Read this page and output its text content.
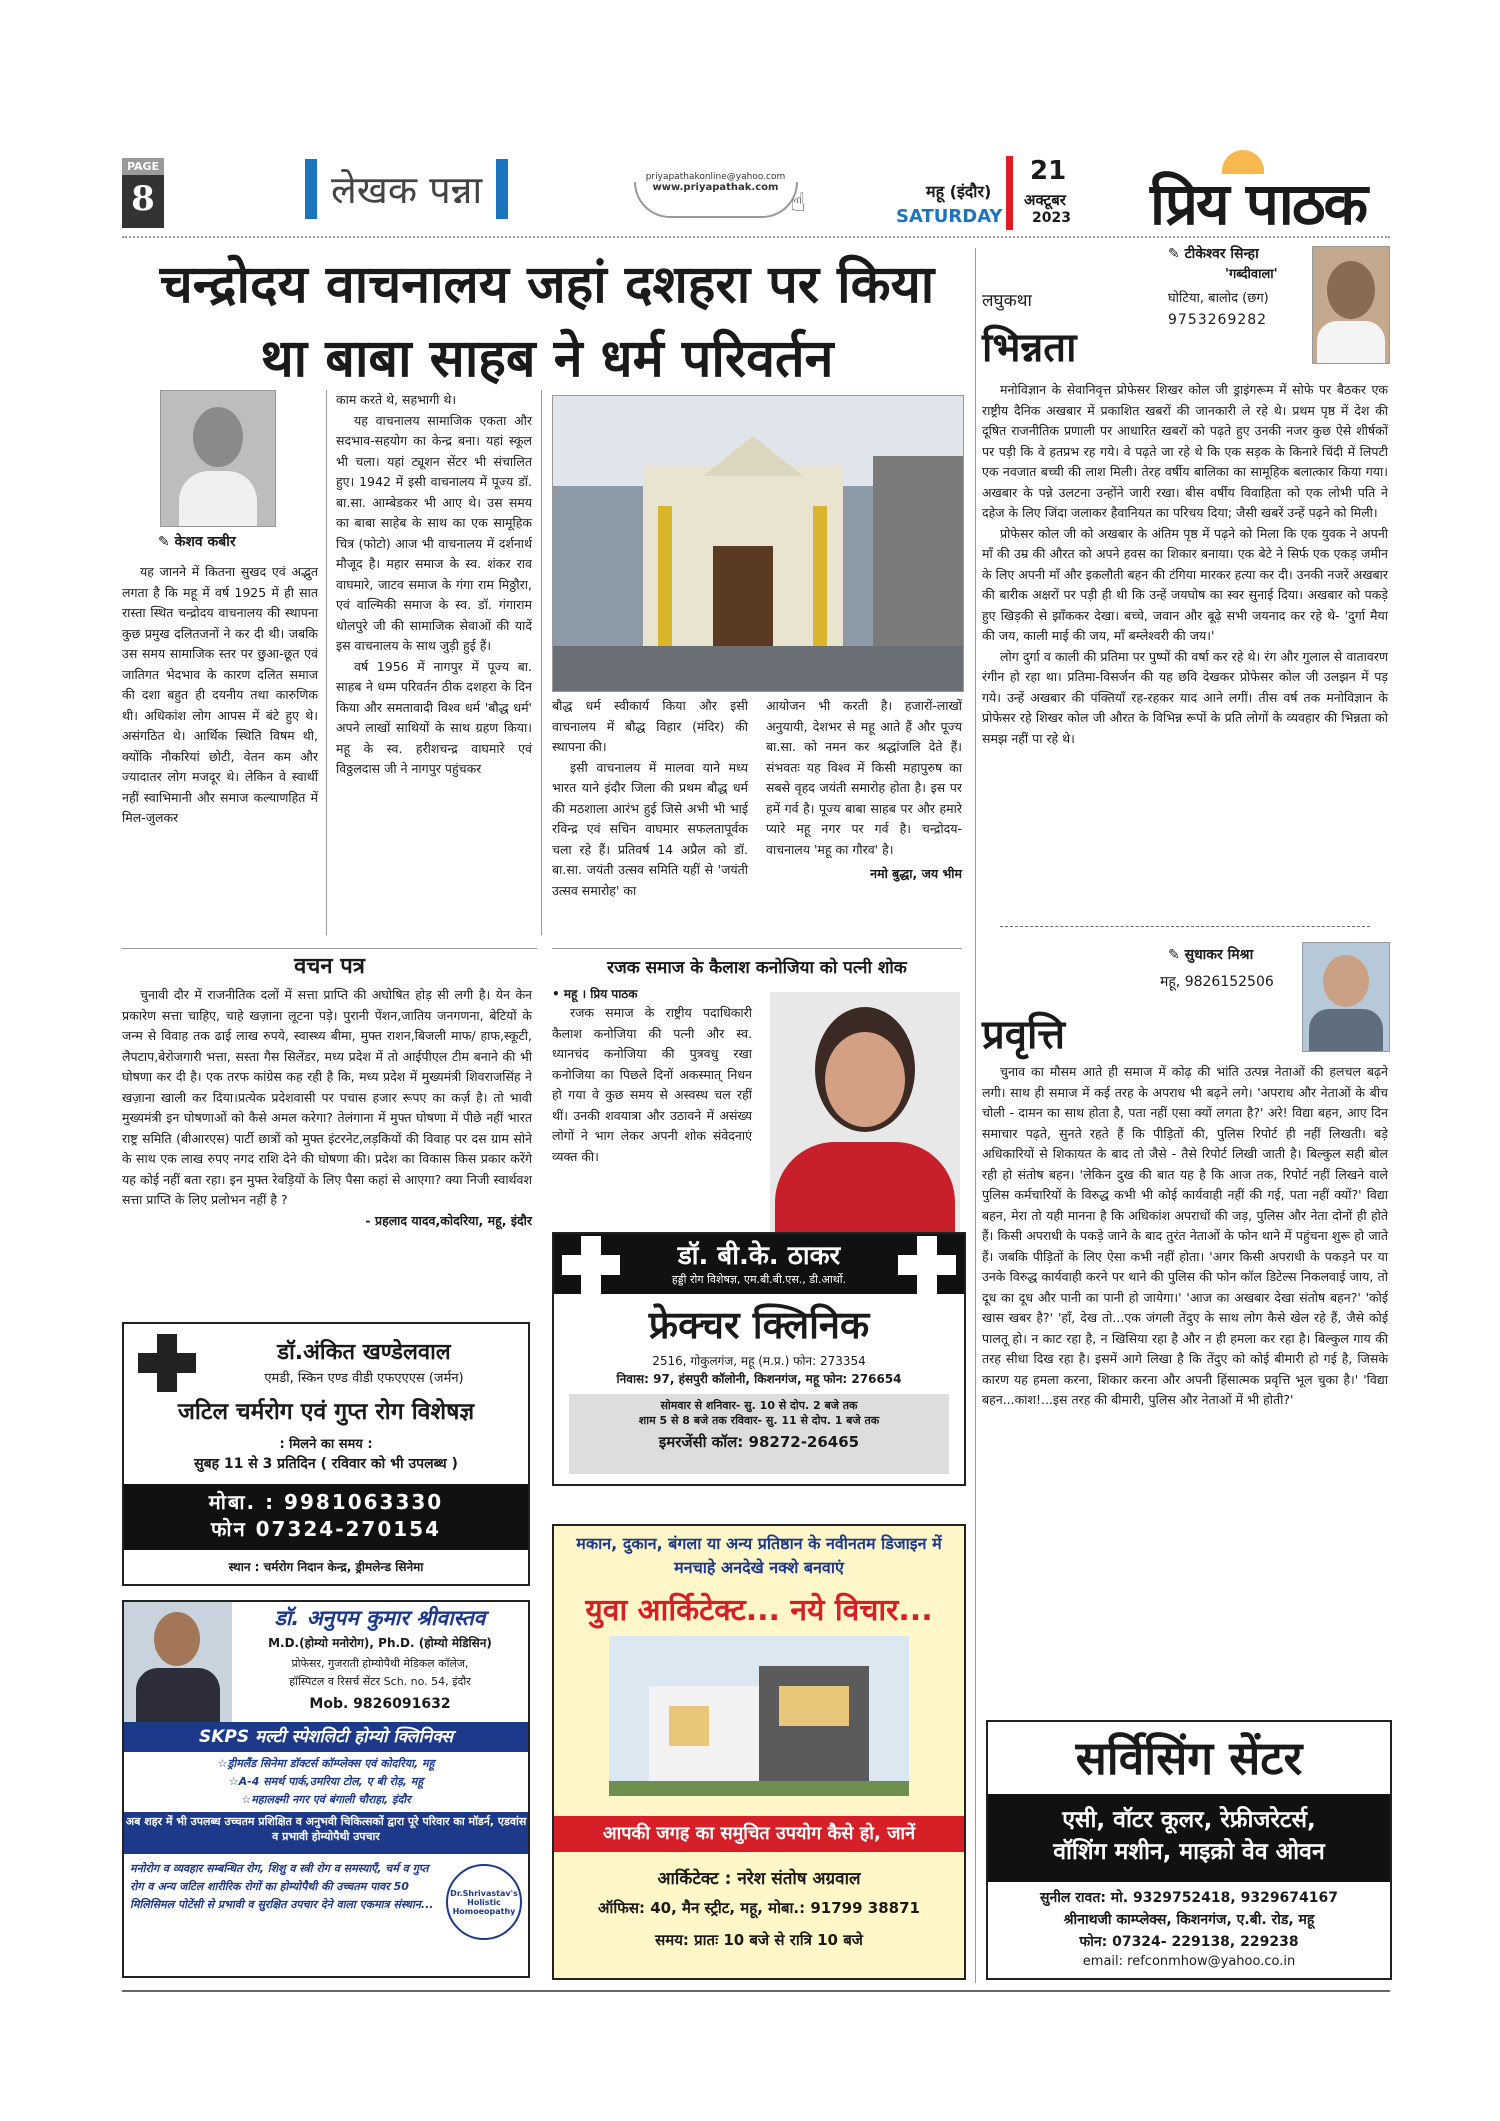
PAGE
8	लेखक पन्ना	priyapathakonline@yahoo.com
www.priyapathak.com
☝	महू (इंदौर)
SATURDAY
21
अक्टूबर
2023 प्रिय पाठक
चन्द्रोदय वाचनालय जहां दशहरा पर किया
था बाबा साहब ने धर्म परिवर्तन
✎ केशव कबीर

यह जानने में कितना सुखद एवं अद्भुत लगता है कि महू में वर्ष 1925 में ही सात रास्ता स्थित चन्द्रोदय वाचनालय की स्थापना कुछ प्रमुख दलितजनों ने कर दी थी। जबकि उस समय सामाजिक स्तर पर छुआ-छूत एवं जातिगत भेदभाव के कारण दलित समाज की दशा बहुत ही दयनीय तथा कारुणिक थी। अधिकांश लोग आपस में बंटे हुए थे। असंगठित थे। आर्थिक स्थिति विषम थी, क्योंकि नौकरियां छोटी, वेतन कम और ज्यादातर लोग मजदूर थे। लेकिन वे स्वार्थी नहीं स्वाभिमानी और समाज कल्याणहित में मिल-जुलकर

काम करते थे, सहभागी थे।

यह वाचनालय सामाजिक एकता और सदभाव-सहयोग का केन्द्र बना। यहां स्कूल भी चला। यहां ट्यूशन सेंटर भी संचालित हुए। 1942 में इसी वाचनालय में पूज्य डॉ. बा.सा. आम्बेडकर भी आए थे। उस समय का बाबा साहेब के साथ का एक सामूहिक चित्र (फोटो) आज भी वाचनालय में दर्शनार्थ मौजूद है। महार समाज के स्व. शंकर राव वाघमारे, जाटव समाज के गंगा राम मिठ्ठौरा, एवं वाल्मिकी समाज के स्व. डॉ. गंगाराम धोलपुरे जी की सामाजिक सेवाओं की यादें इस वाचनालय के साथ जुड़ी हुई हैं।

वर्ष 1956 में नागपुर में पूज्य बा. साहब ने धम्म परिवर्तन ठीक दशहरा के दिन किया और समतावादी विश्व धर्म 'बौद्ध धर्म' अपने लाखों साथियों के साथ ग्रहण किया। महू के स्व. हरीशचन्द्र वाघमारे एवं विठ्ठलदास जी ने नागपुर पहुंचकर

बौद्ध धर्म स्वीकार्य किया और इसी वाचनालय में बौद्ध विहार (मंदिर) की स्थापना की।

इसी वाचनालय में मालवा याने मध्य भारत याने इंदौर जिला की प्रथम बौद्ध धर्म की मठशाला आरंभ हुई जिसे अभी भी भाई रविन्द्र एवं सचिन वाघमार सफलतापूर्वक चला रहे हैं। प्रतिवर्ष 14 अप्रैल को डॉ. बा.सा. जयंती उत्सव समिति यहीं से 'जयंती उत्सव समारोह' का

आयोजन भी करती है। हजारों-लाखों अनुयायी, देशभर से महू आते हैं और पूज्य बा.सा. को नमन कर श्रद्धांजलि देते हैं। संभवतः यह विश्व में किसी महापुरुष का सबसे वृहद जयंती समारोह होता है। इस पर हमें गर्व है। पूज्य बाबा साहब पर और हमारे प्यारे महू नगर पर गर्व है। चन्द्रोदय-वाचनालय 'महू का गौरव' है।

नमो बुद्धा, जय भीम

वचन पत्र

चुनावी दौर में राजनीतिक दलों में सत्ता प्राप्ति की अघोषित होड़ सी लगी है। येन केन प्रकारेण सत्ता चाहिए, चाहे खज़ाना लूटना पड़े। पुरानी पेंशन,जातिय जनगणना, बेटियों के जन्म से विवाह तक ढाई लाख रुपये, स्वास्थ्य बीमा, मुफ्त राशन,बिजली माफ/ हाफ,स्कूटी, लैपटाप,बेरोजगारी भत्ता, सस्ता गैस सिलेंडर, मध्य प्रदेश में तो आईपीएल टीम बनाने की भी घोषणा कर दी है। एक तरफ कांग्रेस कह रही है कि, मध्य प्रदेश में मुख्यमंत्री शिवराजसिंह ने खज़ाना खाली कर दिया।प्रत्येक प्रदेशवासी पर पचास हजार रूपए का कर्ज़ है। तो भावी मुख्यमंत्री इन घोषणाओं को कैसे अमल करेगा? तेलंगाना में मुफ्त घोषणा में पीछे नहीं भारत राष्ट्र समिति (बीआरएस) पार्टी छात्रों को मुफ्त इंटरनेट,लड़कियों की विवाह पर दस ग्राम सोने के साथ एक लाख रुपए नगद राशि देने की घोषणा की। प्रदेश का विकास किस प्रकार करेंगे यह कोई नहीं बता रहा। इन मुफ्त रेवड़ियों के लिए पैसा कहां से आएगा? क्या निजी स्वार्थवश सत्ता प्राप्ति के लिए प्रलोभन नहीं है ?

- प्रहलाद यादव,कोदरिया, महू, इंदौर

रजक समाज के कैलाश कनोजिया को पत्नी शोक
• महू । प्रिय पाठक

रजक समाज के राष्ट्रीय पदाधिकारी कैलाश कनोजिया की पत्नी और स्व. ध्यानचंद कनोजिया की पुत्रवधु रखा कनोजिया का पिछले दिनों अकस्मात् निधन हो गया वे कुछ समय से अस्वस्थ चल रहीं थीं। उनकी शवयात्रा और उठावने में असंख्य लोगों ने भाग लेकर अपनी शोक संवेदनाएं व्यक्त की।

✎ टीकेश्वर सिन्हा
'गब्दीवाला'
घोटिया, बालोद (छग)
9753269282
लघुकथा
भिन्नता

मनोविज्ञान के सेवानिवृत्त प्रोफेसर शिखर कोल जी ड्राइंगरूम में सोफे पर बैठकर एक राष्ट्रीय दैनिक अखबार में प्रकाशित खबरों की जानकारी ले रहे थे। प्रथम पृष्ठ में देश की दूषित राजनीतिक प्रणाली पर आधारित खबरों को पढ़ते हुए उनकी नजर कुछ ऐसे शीर्षकों पर पड़ी कि वे हतप्रभ रह गये। वे पढ़ते जा रहे थे कि एक सड़क के किनारे चिंदी में लिपटी एक नवजात बच्ची की लाश मिली। तेरह वर्षीय बालिका का सामूहिक बलात्कार किया गया। अखबार के पन्ने उलटना उन्होंने जारी रखा। बीस वर्षीय विवाहिता को एक लोभी पति ने दहेज के लिए जिंदा जलाकर हैवानियत का परिचय दिया; जैसी खबरें उन्हें पढ़ने को मिली।

प्रोफेसर कोल जी को अखबार के अंतिम पृष्ठ में पढ़ने को मिला कि एक युवक ने अपनी माँ की उम्र की औरत को अपने हवस का शिकार बनाया। एक बेटे ने सिर्फ एक एकड़ जमीन के लिए अपनी माँ और इकलौती बहन की टंगिया मारकर हत्या कर दी। उनकी नजरें अखबार की बारीक अक्षरों पर पड़ी ही थी कि उन्हें जयघोष का स्वर सुनाई दिया। अखबार को पकड़े हुए खिड़की से झाँककर देखा। बच्चे, जवान और बूढ़े सभी जयनाद कर रहे थे- 'दुर्गा मैया की जय, काली माई की जय, माँ बम्लेश्वरी की जय।'

लोग दुर्गा व काली की प्रतिमा पर पुष्पों की वर्षा कर रहे थे। रंग और गुलाल से वातावरण रंगीन हो रहा था। प्रतिमा-विसर्जन की यह छवि देखकर प्रोफेसर कोल जी उलझन में पड़ गये। उन्हें अखबार की पंक्तियाँ रह-रहकर याद आने लगीं। तीस वर्ष तक मनोविज्ञान के प्रोफेसर रहे शिखर कोल जी औरत के विभिन्न रूपों के प्रति लोगों के व्यवहार की भिन्नता को समझ नहीं पा रहे थे।

✎ सुधाकर मिश्रा
महू, 9826152506
प्रवृत्ति

चुनाव का मौसम आते ही समाज में कोढ़ की भांति उत्पन्न नेताओं की हलचल बढ़ने लगी। साथ ही समाज में कई तरह के अपराध भी बढ़ने लगे। 'अपराध और नेताओं के बीच चोली - दामन का साथ होता है, पता नहीं एसा क्यों लगता है?' अरे! विद्या बहन, आए दिन समाचार पढ़ते, सुनते रहते हैं कि पीड़ितों की, पुलिस रिपोर्ट ही नहीं लिखती। बड़े अधिकारियों से शिकायत के बाद तो जैसे - तैसे रिपोर्ट लिखी जाती है। बिल्कुल सही बोल रही हो संतोष बहन। 'लेकिन दुख की बात यह है कि आज तक, रिपोर्ट नहीं लिखने वाले पुलिस कर्मचारियों के विरुद्ध कभी भी कोई कार्यवाही नहीं की गई, पता नहीं क्यों?' विद्या बहन, मेरा तो यही मानना है कि अधिकांश अपराधों की जड़, पुलिस और नेता दोनों ही होते हैं। किसी अपराधी के पकड़े जाने के बाद तुरंत नेताओं के फोन थाने में पहुंचना शुरू हो जाते हैं। जबकि पीड़ितों के लिए ऐसा कभी नहीं होता। 'अगर किसी अपराधी के पकड़ने पर या उनके विरुद्ध कार्यवाही करने पर थाने की पुलिस की फोन कॉल डिटेल्स निकलवाई जाय, तो दूध का दूध और पानी का पानी हो जायेगा।' 'आज का अखबार देखा संतोष बहन?' 'कोई खास खबर है?' 'हाँ, देख तो...एक जंगली तेंदुए के साथ लोग कैसे खेल रहे हैं, जैसे कोई पालतू हो। न काट रहा है, न खिसिया रहा है और न ही हमला कर रहा है। बिल्कुल गाय की तरह सीधा दिख रहा है। इसमें आगे लिखा है कि तेंदुए को कोई बीमारी हो गई है, जिसके कारण यह हमला करना, शिकार करना और अपनी हिंसात्मक प्रवृत्ति भूल चुका है।' 'विद्या बहन...काश!...इस तरह की बीमारी, पुलिस और नेताओं में भी होती?'

डॉ.अंकित खण्डेलवाल
एमडी, स्किन एण्ड वीडी एफएएएस (जर्मन)
जटिल चर्मरोग एवं गुप्त रोग विशेषज्ञ
: मिलने का समय :
सुबह 11 से 3 प्रतिदिन ( रविवार को भी उपलब्ध )
मोबा. : 9981063330
फोन 07324-270154
स्थान : चर्मरोग निदान केन्द्र, ड्रीमलेन्ड सिनेमा
डॉ. बी.के. ठाकर
हड्डी रोग विशेषज्ञ, एम.बी.बी.एस., डी.आर्थो.
फ्रेक्चर क्लिनिक
2516, गोकुलगंज, महू (म.प्र.) फोन: 273354
निवास: 97, हंसपुरी कॉलोनी, किशनगंज, महू फोन: 276654
सोमवार से शनिवार- सु. 10 से दोप. 2 बजे तक
शाम 5 से 8 बजे तक रविवार- सु. 11 से दोप. 1 बजे तक
इमरजेंसी कॉल: 98272-26465
डॉ. अनुपम कुमार श्रीवास्तव
M.D.(होम्यो मनोरोग), Ph.D. (होम्यो मेडिसिन)
प्रोफेसर, गुजराती होम्योपैथी मेडिकल कॉलेज,
हॉस्पिटल व रिसर्च सेंटर Sch. no. 54, इंदौर
Mob. 9826091632
SKPS मल्टी स्पेशलिटी होम्यो क्लिनिक्स
☆ड्रीमलैंड सिनेमा डॉक्टर्स कॉम्प्लेक्स एवं कोदरिया, महू
☆A-4 समर्थ पार्क,उमरिया टोल, ए बी रोड़, महू
☆महालक्ष्मी नगर एवं बंगाली चौराहा, इंदौर
अब शहर में भी उपलब्ध उच्चतम प्रशिक्षित व अनुभवी चिकित्सकों द्वारा पूरे परिवार का मॉडर्न, एडवांस व प्रभावी होम्योपैथी उपचार
मनोरोग व व्यवहार सम्बन्धित रोग, शिशु व स्त्री रोग व समस्याएँ, चर्म व गुप्त रोग व अन्य जटिल शारीरिक रोगों का होम्योपैथी की उच्चतम पावर 50 मिलिसिमल पोटेंसी से प्रभावी व सुरक्षित उपचार देने वाला एकमात्र संस्थान...
Dr.Shrivastav's Holistic Homoeopathy
मकान, दुकान, बंगला या अन्य प्रतिष्ठान के नवीनतम डिजाइन में मनचाहे अनदेखे नक्शे बनवाएं
युवा आर्किटेक्ट... नये विचार...
आपकी जगह का समुचित उपयोग कैसे हो, जानें
आर्किटेक्ट : नरेश संतोष अग्रवाल
ऑफिस: 40, मैन स्ट्रीट, महू, मोबा.: 91799 38871
समय: प्रातः 10 बजे से रात्रि 10 बजे
सर्विसिंग सेंटर
एसी, वॉटर कूलर, रेफ्रीजरेटर्स,
वॉशिंग मशीन, माइक्रो वेव ओवन
सुनील रावत: मो. 9329752418, 9329674167
श्रीनाथजी काम्प्लेक्स, किशनगंज, ए.बी. रोड, महू
फोन: 07324- 229138, 229238
email: refconmhow@yahoo.co.in
